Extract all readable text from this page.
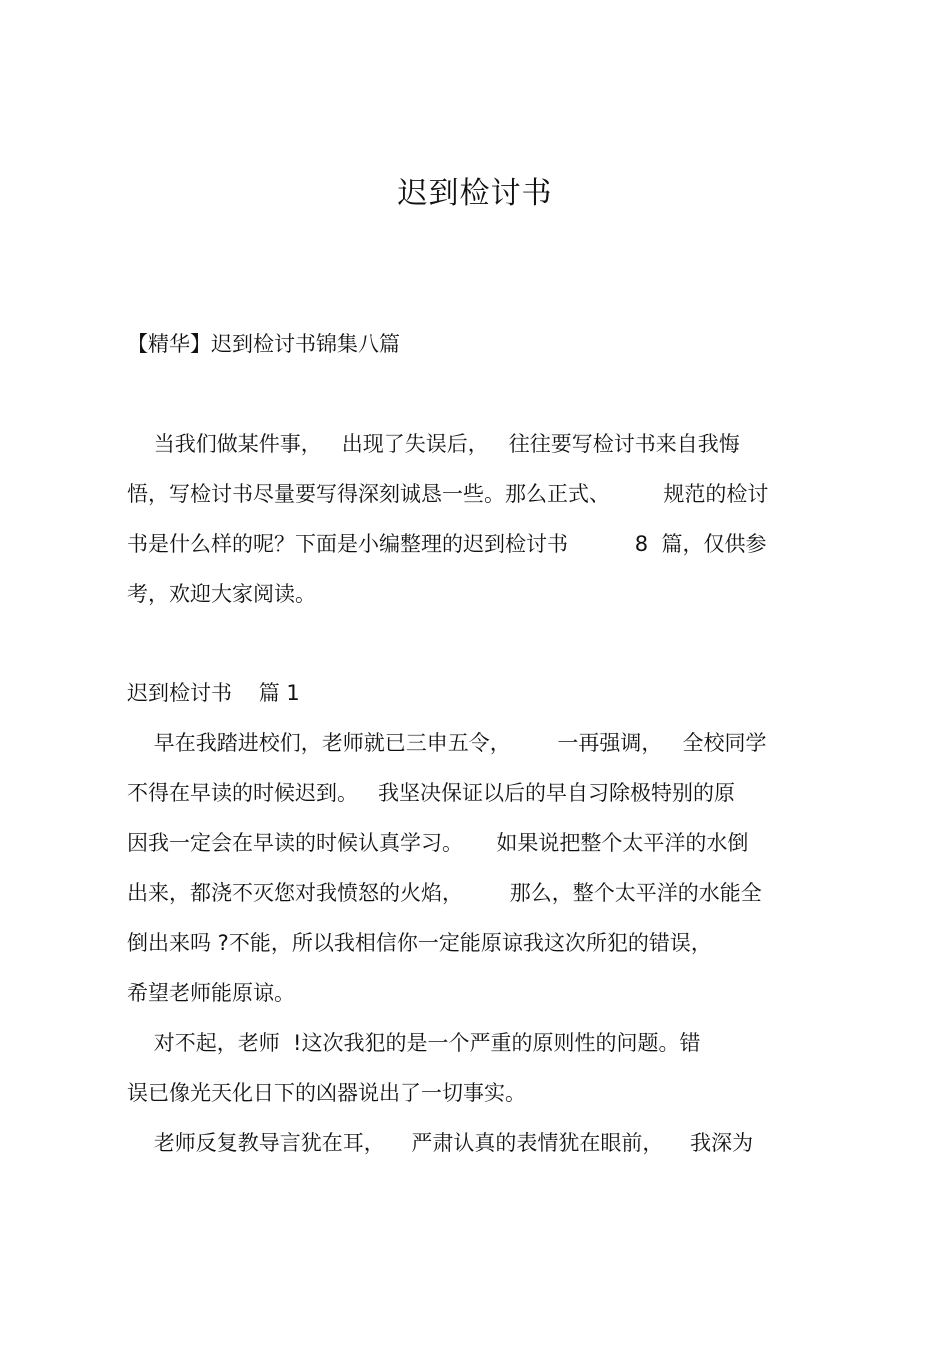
迟到检讨书
【精华】迟到检讨书锦集八篇
当我们做某件事，   出现了失误后，   往往要写检讨书来自我悔
悟，写检讨书尽量要写得深刻诚恳一些。那么正式、        规范的检讨
书是什么样的呢？下面是小编整理的迟到检讨书          8  篇，仅供参
考，欢迎大家阅读。
迟到检讨书    篇 1
早在我踏进校们，老师就已三申五令，       一再强调，   全校同学
不得在早读的时候迟到。   我坚决保证以后的早自习除极特别的原
因我一定会在早读的时候认真学习。     如果说把整个太平洋的水倒
出来，都浇不灭您对我愤怒的火焰，       那么，整个太平洋的水能全
倒出来吗 ?不能，所以我相信你一定能原谅我这次所犯的错误，
希望老师能原谅。
对不起，老师  !这次我犯的是一个严重的原则性的问题。错
误已像光天化日下的凶器说出了一切事实。
老师反复教导言犹在耳，    严肃认真的表情犹在眼前，    我深为
